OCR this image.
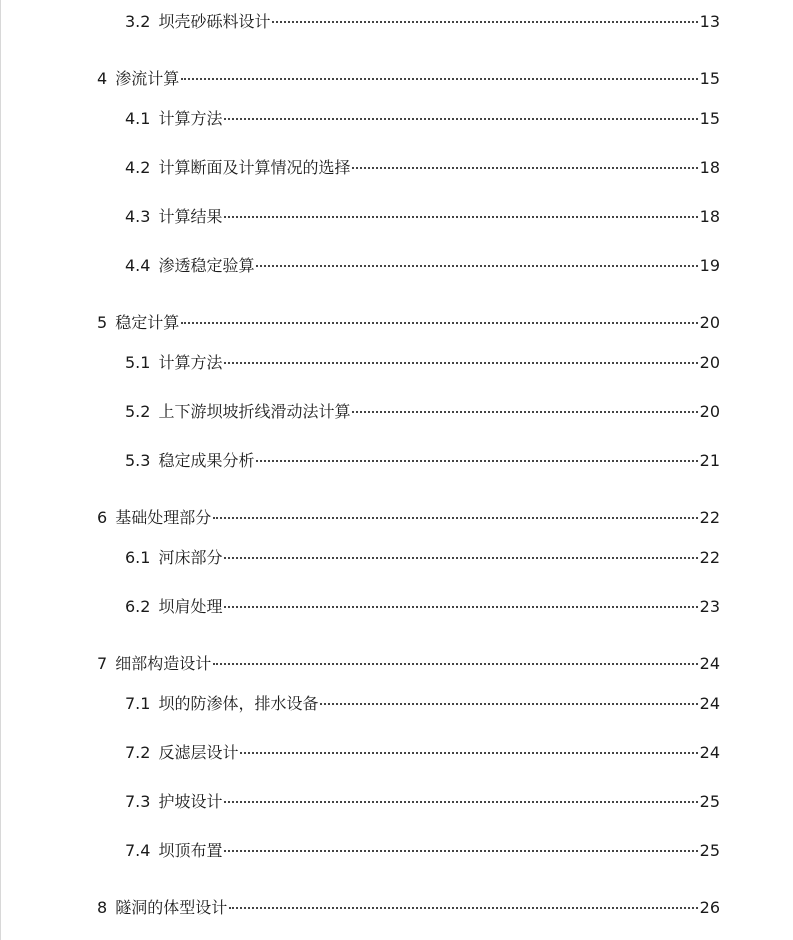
3.2 坝壳砂砾料设计	13
4 渗流计算	15
4.1 计算方法	15
4.2 计算断面及计算情况的选择	18
4.3 计算结果	18
4.4 渗透稳定验算	19
5 稳定计算	20
5.1 计算方法	20
5.2 上下游坝坡折线滑动法计算	20
5.3 稳定成果分析	21
6 基础处理部分	22
6.1 河床部分	22
6.2 坝肩处理	23
7 细部构造设计	24
7.1 坝的防渗体，排水设备	24
7.2 反滤层设计	24
7.3 护坡设计	25
7.4 坝顶布置	25
8 隧洞的体型设计	26
